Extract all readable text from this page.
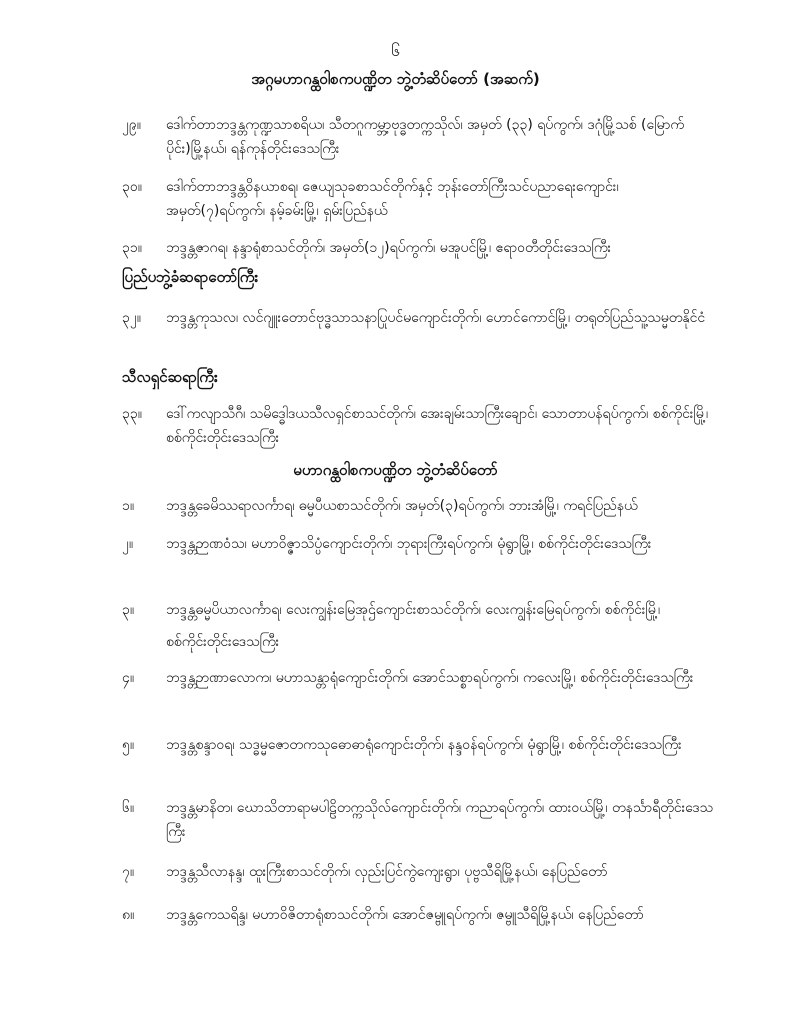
၆
အဂ္ဂမဟာဂန္ထဝါစကပဏ္ဍိတ ဘွဲ့တံဆိပ်တော် (အဆက်)
၂၉။	ဒေါက်တာဘဒ္ဒန္တကုဏ္ဍသာစရိယ၊ သီတဂူကမ္ဘာ့ဗုဒ္ဓတက္ကသိုလ်၊ အမှတ် (၃၃) ရပ်ကွက်၊ ဒဂုံမြို့သစ် (မြောက်ပိုင်း)မြို့နယ်၊ ရန်ကုန်တိုင်းဒေသကြီး
၃၀။	ဒေါက်တာဘဒ္ဒန္တဝိနယာစရ၊ ဇေယျသုခစာသင်တိုက်နှင့် ဘုန်းတော်ကြီးသင်ပညာရေးကျောင်း၊ အမှတ်(၇)ရပ်ကွက်၊ နမ့်ခမ်းမြို့၊ ရှမ်းပြည်နယ်
၃၁။	ဘဒ္ဒန္တဇာဂရ၊ နန္ဒာရုံစာသင်တိုက်၊ အမှတ်(၁၂)ရပ်ကွက်၊ မအူပင်မြို့၊ ဧရာဝတီတိုင်းဒေသကြီး
ပြည်ပဘွဲ့ခံဆရာတော်ကြီး
၃၂။	ဘဒ္ဒန္တကုသလ၊ လင်ဂျူးတောင်ဗုဒ္ဓသာသနာပြုပင်မကျောင်းတိုက်၊ ဟောင်ကောင်မြို့၊ တရုတ်ပြည်သူ့သမ္မတနိုင်ငံ
သီလရှင်ဆရာကြီး
၃၃။	ဒေါ်ကလျာသီဂီ၊ သမိဒ္ဓေါဒယသီလရှင်စာသင်တိုက်၊ အေးချမ်းသာကြီးချောင်၊ သောတာပန်ရပ်ကွက်၊ စစ်ကိုင်းမြို့၊ စစ်ကိုင်းတိုင်းဒေသကြီး
မဟာဂန္ထဝါစကပဏ္ဍိတ ဘွဲ့တံဆိပ်တော်
၁။	ဘဒ္ဒန္တခေမိဿရာလင်္ကာရ၊ ဓမ္မပီယစာသင်တိုက်၊ အမှတ်(၃)ရပ်ကွက်၊ ဘားအံမြို့၊ ကရင်ပြည်နယ်
၂။	ဘဒ္ဒန္တဉာဏဝံသ၊ မဟာဝိဇ္ဇာသိပ္ပံကျောင်းတိုက်၊ ဘုရားကြီးရပ်ကွက်၊ မုံရွာမြို့၊ စစ်ကိုင်းတိုင်းဒေသကြီး
၃။	ဘဒ္ဒန္တဓမ္မပိယာလင်္ကာရ၊ လေးကျွန်းမြေအုဌ်ကျောင်းစာသင်တိုက်၊ လေးကျွန်းမြေရပ်ကွက်၊ စစ်ကိုင်းမြို့၊ စစ်ကိုင်းတိုင်းဒေသကြီး
၄။	ဘဒ္ဒန္တဉာဏာလောက၊ မဟာသန္တာရုံကျောင်းတိုက်၊ အောင်သစ္စာရပ်ကွက်၊ ကလေးမြို့၊ စစ်ကိုင်းတိုင်းဒေသကြီး
၅။	ဘဒ္ဒန္တစန္ဒာဝရ၊ သဒ္ဓမ္မဇောတကသုဓောဓာရုံကျောင်းတိုက်၊ နန္ဒဝန်ရပ်ကွက်၊ မုံရွာမြို့၊ စစ်ကိုင်းတိုင်းဒေသကြီး
၆။	ဘဒ္ဒန္တမာနိတ၊ ဃောသိတာရာမပါဠိတက္ကသိုလ်ကျောင်းတိုက်၊ ကညာရပ်ကွက်၊ ထားဝယ်မြို့၊ တနင်္သာရီတိုင်းဒေသကြီး
၇။	ဘဒ္ဒန္တသီလာနန္ဒ၊ ထူးကြီးစာသင်တိုက်၊ လှည်းပြင်ကွဲကျေးရွာ၊ ပုဗ္ဗသီရိမြို့နယ်၊ နေပြည်တော်
၈။	ဘဒ္ဒန္တကေသရိန္ဒ၊ မဟာဝိဇိတာရုံစာသင်တိုက်၊ အောင်ဇမ္ဗူရပ်ကွက်၊ ဇမ္ဗူသီရိမြို့နယ်၊ နေပြည်တော်
